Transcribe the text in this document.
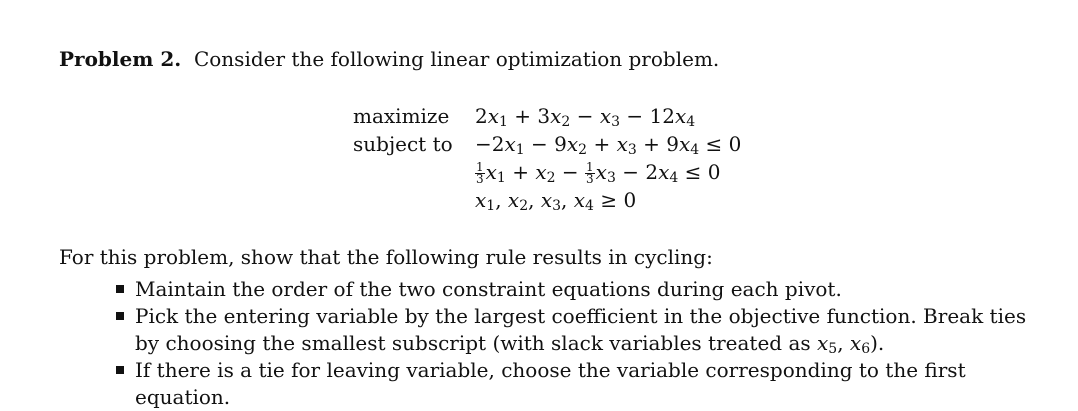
Problem 2. Consider the following linear optimization problem.
maximize $2x_1 + 3x_2 - x_3 - 12x_4$
subject to $-2x_1 - 9x_2 + x_3 + 9x_4 \le 0$
$\frac{1}{3} x_1 + x_2 - \frac{1}{3} x_3 - 2x_4 \le 0$
$x_1$, $x_2$, $x_3$, $x_4 \ge 0$
For this problem, show that the following rule results in cycling:
Maintain the order of the two constraint equations during each pivot.
Pick the entering variable by the largest coefficient in the objective function. Break ties by choosing the smallest subscript (with slack variables treated as $x_5$, $x_6$).
If there is a tie for leaving variable, choose the variable corresponding to the first equation.
